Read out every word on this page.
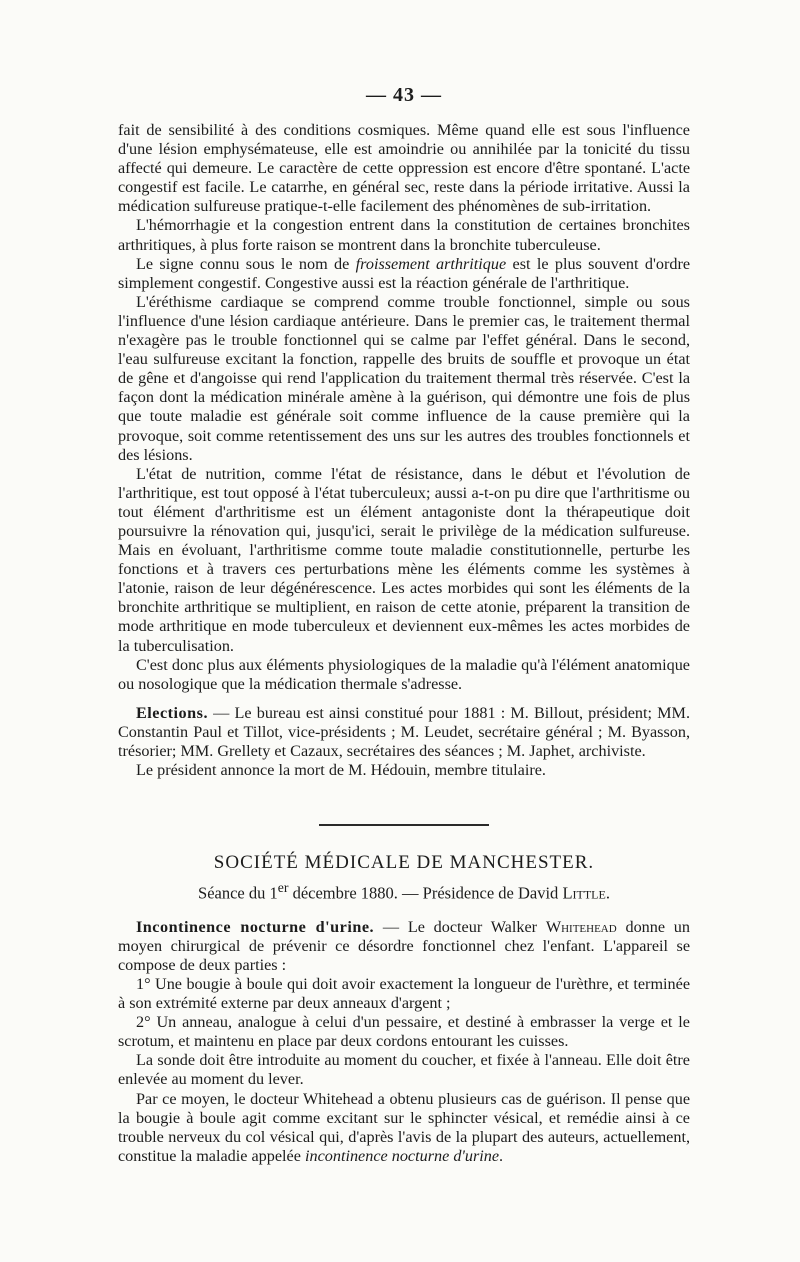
— 43 —

fait de sensibilité à des conditions cosmiques. Même quand elle est sous l'influence d'une lésion emphysémateuse, elle est amoindrie ou annihilée par la tonicité du tissu affecté qui demeure. Le caractère de cette oppression est encore d'être spontané. L'acte congestif est facile. Le catarrhe, en général sec, reste dans la période irritative. Aussi la médication sulfureuse pratique-t-elle facilement des phénomènes de sub-irritation.

L'hémorrhagie et la congestion entrent dans la constitution de certaines bronchites arthritiques, à plus forte raison se montrent dans la bronchite tuberculeuse.

Le signe connu sous le nom de froissement arthritique est le plus souvent d'ordre simplement congestif. Congestive aussi est la réaction générale de l'arthritique.

L'éréthisme cardiaque se comprend comme trouble fonctionnel, simple ou sous l'influence d'une lésion cardiaque antérieure. Dans le premier cas, le traitement thermal n'exagère pas le trouble fonctionnel qui se calme par l'effet général. Dans le second, l'eau sulfureuse excitant la fonction, rappelle des bruits de souffle et provoque un état de gêne et d'angoisse qui rend l'application du traitement thermal très réservée. C'est la façon dont la médication minérale amène à la guérison, qui démontre une fois de plus que toute maladie est générale soit comme influence de la cause première qui la provoque, soit comme retentissement des uns sur les autres des troubles fonctionnels et des lésions.

L'état de nutrition, comme l'état de résistance, dans le début et l'évolution de l'arthritique, est tout opposé à l'état tuberculeux; aussi a-t-on pu dire que l'arthritisme ou tout élément d'arthritisme est un élément antagoniste dont la thérapeutique doit poursuivre la rénovation qui, jusqu'ici, serait le privilège de la médication sulfureuse. Mais en évoluant, l'arthritisme comme toute maladie constitutionnelle, perturbe les fonctions et à travers ces perturbations mène les éléments comme les systèmes à l'atonie, raison de leur dégénérescence. Les actes morbides qui sont les éléments de la bronchite arthritique se multiplient, en raison de cette atonie, préparent la transition de mode arthritique en mode tuberculeux et deviennent eux-mêmes les actes morbides de la tuberculisation.

C'est donc plus aux éléments physiologiques de la maladie qu'à l'élément anatomique ou nosologique que la médication thermale s'adresse.

Elections. — Le bureau est ainsi constitué pour 1881 : M. Billout, président; MM. Constantin Paul et Tillot, vice-présidents ; M. Leudet, secrétaire général ; M. Byasson, trésorier; MM. Grellety et Cazaux, secrétaires des séances ; M. Japhet, archiviste.

Le président annonce la mort de M. Hédouin, membre titulaire.

SOCIÉTÉ MÉDICALE DE MANCHESTER.
Séance du 1er décembre 1880. — Présidence de David Little.

Incontinence nocturne d'urine. — Le docteur Walker Whitehead donne un moyen chirurgical de prévenir ce désordre fonctionnel chez l'enfant. L'appareil se compose de deux parties :

1° Une bougie à boule qui doit avoir exactement la longueur de l'urèthre, et terminée à son extrémité externe par deux anneaux d'argent ;

2° Un anneau, analogue à celui d'un pessaire, et destiné à embrasser la verge et le scrotum, et maintenu en place par deux cordons entourant les cuisses.

La sonde doit être introduite au moment du coucher, et fixée à l'anneau. Elle doit être enlevée au moment du lever.

Par ce moyen, le docteur Whitehead a obtenu plusieurs cas de guérison. Il pense que la bougie à boule agit comme excitant sur le sphincter vésical, et remédie ainsi à ce trouble nerveux du col vésical qui, d'après l'avis de la plupart des auteurs, actuellement, constitue la maladie appelée incontinence nocturne d'urine.
